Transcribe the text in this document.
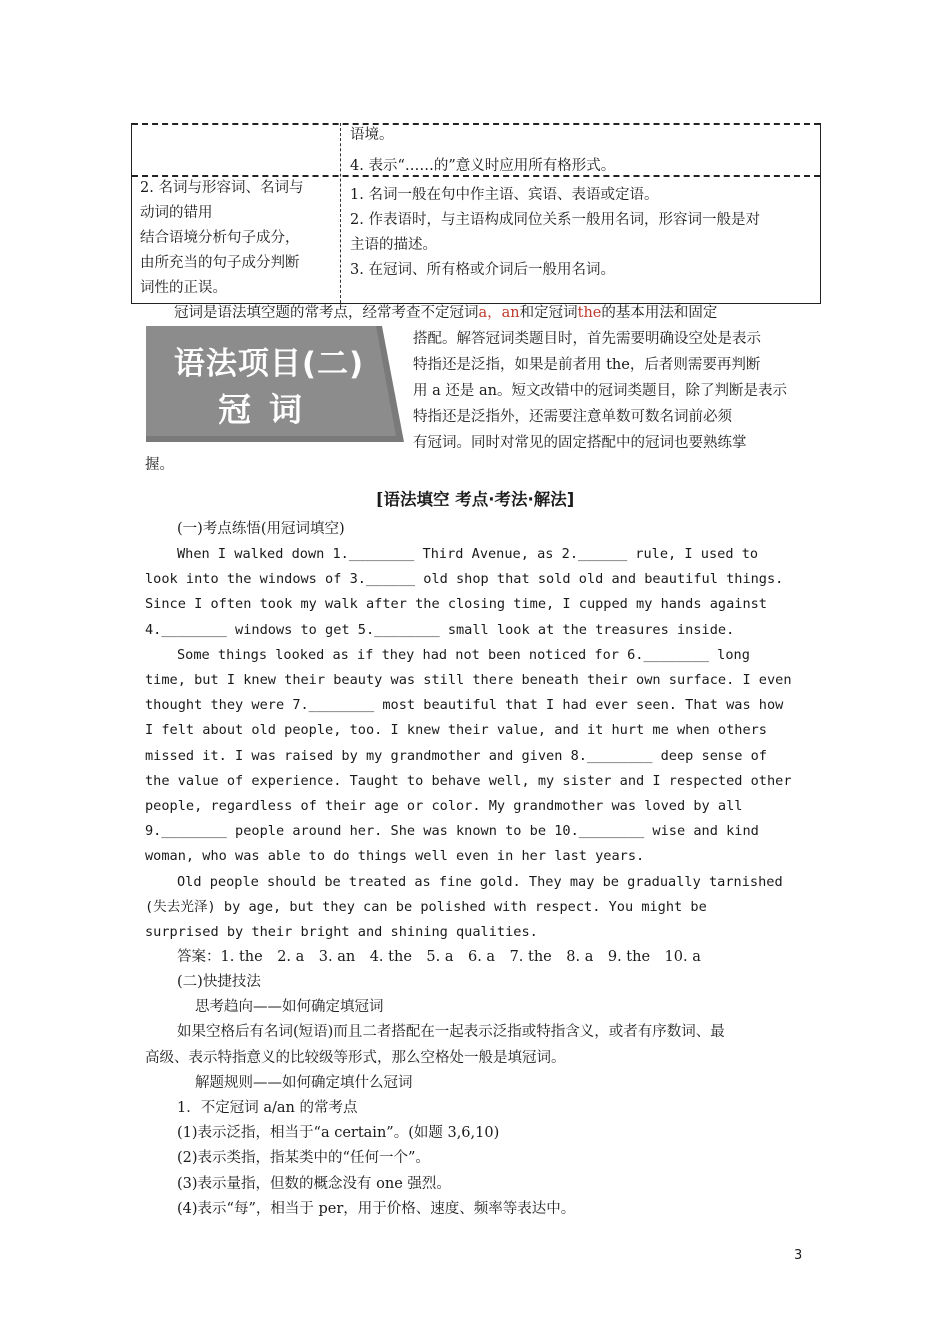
语境。
4. 表示“……的”意义时应用所有格形式。
2. 名词与形容词、名词与
动词的错用
结合语境分析句子成分，
由所充当的句子成分判断
词性的正误。
1. 名词一般在句中作主语、宾语、表语或定语。
2. 作表语时，与主语构成同位关系一般用名词，形容词一般是对
主语的描述。
3. 在冠词、所有格或介词后一般用名词。
冠词是语法填空题的常考点，经常考查不定冠词a，an和定冠词the的基本用法和固定
语法项目(二)
冠词
搭配。解答冠词类题目时，首先需要明确设空处是表示
特指还是泛指，如果是前者用 the，后者则需要再判断
用 a 还是 an。短文改错中的冠词类题目，除了判断是表示
特指还是泛指外，还需要注意单数可数名词前必须
有冠词。同时对常见的固定搭配中的冠词也要熟练掌
握。
[语法填空 考点·考法·解法]
(一)考点练悟(用冠词填空)
When I walked down 1.________ Third Avenue, as 2.______ rule, I used to
look into the windows of 3.______ old shop that sold old and beautiful things.
Since I often took my walk after the closing time, I cupped my hands against
4.________ windows to get 5.________ small look at the treasures inside.
Some things looked as if they had not been noticed for 6.________ long
time, but I knew their beauty was still there beneath their own surface. I even
thought they were 7.________ most beautiful that I had ever seen. That was how
I felt about old people, too. I knew their value, and it hurt me when others
missed it. I was raised by my grandmother and given 8.________ deep sense of
the value of experience. Taught to behave well, my sister and I respected other
people, regardless of their age or color. My grandmother was loved by all
9.________ people around her. She was known to be 10.________ wise and kind
woman, who was able to do things well even in her last years.
Old people should be treated as fine gold. They may be gradually tarnished
(失去光泽) by age, but they can be polished with respect. You might be
surprised by their bright and shining qualities.
答案：1. the　2. a　3. an　4. the　5. a　6. a　7. the　8. a　9. the　10. a
(二)快捷技法
思考趋向——如何确定填冠词
如果空格后有名词(短语)而且二者搭配在一起表示泛指或特指含义，或者有序数词、最
高级、表示特指意义的比较级等形式，那么空格处一般是填冠词。
解题规则——如何确定填什么冠词
1．不定冠词 a/an 的常考点
(1)表示泛指，相当于“a certain”。(如题 3,6,10)
(2)表示类指，指某类中的“任何一个”。
(3)表示量指，但数的概念没有 one 强烈。
(4)表示“每”，相当于 per，用于价格、速度、频率等表达中。
3
